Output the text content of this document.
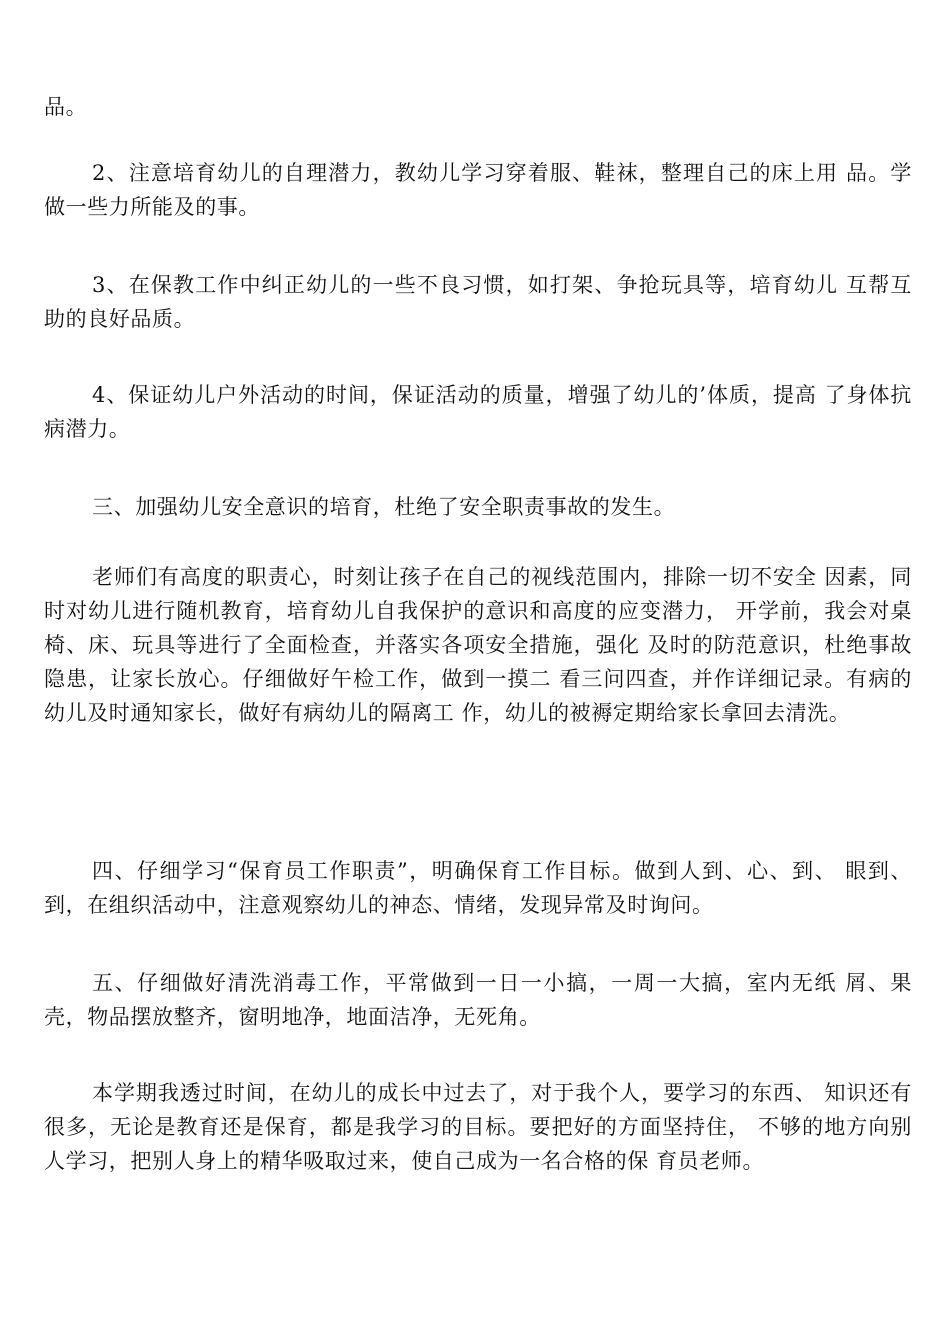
品。

2、注意培育幼儿的自理潜力，教幼儿学习穿着服、鞋袜，整理自己的床上用 品。学做一些力所能及的事。

3、在保教工作中纠正幼儿的一些不良习惯，如打架、争抢玩具等，培育幼儿 互帮互助的良好品质。

4、保证幼儿户外活动的时间，保证活动的质量，增强了幼儿的’体质，提高 了身体抗病潜力。

三、加强幼儿安全意识的培育，杜绝了安全职责事故的发生。

老师们有高度的职责心，时刻让孩子在自己的视线范围内，排除一切不安全 因素，同时对幼儿进行随机教育，培育幼儿自我保护的意识和高度的应变潜力， 开学前，我会对桌椅、床、玩具等进行了全面检查，并落实各项安全措施，强化 及时的防范意识，杜绝事故隐患，让家长放心。仔细做好午检工作，做到一摸二 看三问四查，并作详细记录。有病的幼儿及时通知家长，做好有病幼儿的隔离工 作，幼儿的被褥定期给家长拿回去清洗。

四、仔细学习“保育员工作职责”，明确保育工作目标。做到人到、心、到、 眼到、到，在组织活动中，注意观察幼儿的神态、情绪，发现异常及时询问。

五、仔细做好清洗消毒工作，平常做到一日一小搞，一周一大搞，室内无纸 屑、果壳，物品摆放整齐，窗明地净，地面洁净，无死角。

本学期我透过时间，在幼儿的成长中过去了，对于我个人，要学习的东西、 知识还有很多，无论是教育还是保育，都是我学习的目标。要把好的方面坚持住， 不够的地方向别人学习，把别人身上的精华吸取过来，使自己成为一名合格的保 育员老师。
